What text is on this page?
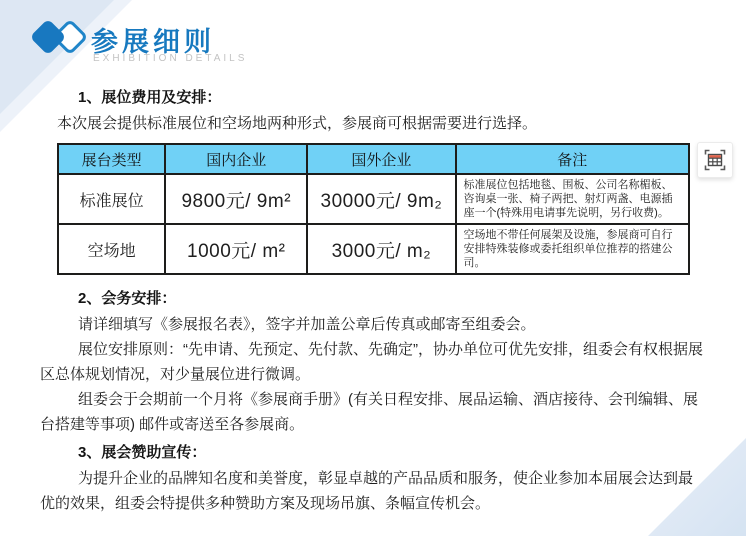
参展细则
EXHIBITION DETAILS
1、展位费用及安排：
本次展会提供标准展位和空场地两种形式，参展商可根据需要进行选择。
展台类型	国内企业	国外企业	备注
标准展位	9800元/ 9m²	30000元/ 9m₂	标准展位包括地毯、围板、公司名称楣板、咨询桌一张、椅子两把、射灯两盏、电源插座一个(特殊用电请事先说明，另行收费)。
空场地	1000元/ m²	3000元/ m₂	空场地不带任何展架及设施，参展商可自行安排特殊装修或委托组织单位推荐的搭建公司。
2、会务安排：
请详细填写《参展报名表》，签字并加盖公章后传真或邮寄至组委会。
展位安排原则：“先申请、先预定、先付款、先确定”，协办单位可优先安排，组委会有权根据展区总体规划情况，对少量展位进行微调。
组委会于会期前一个月将《参展商手册》(有关日程安排、展品运输、酒店接待、会刊编辑、展台搭建等事项) 邮件或寄送至各参展商。
3、展会赞助宣传：
为提升企业的品牌知名度和美誉度，彰显卓越的产品品质和服务，使企业参加本届展会达到最优的效果，组委会特提供多种赞助方案及现场吊旗、条幅宣传机会。
